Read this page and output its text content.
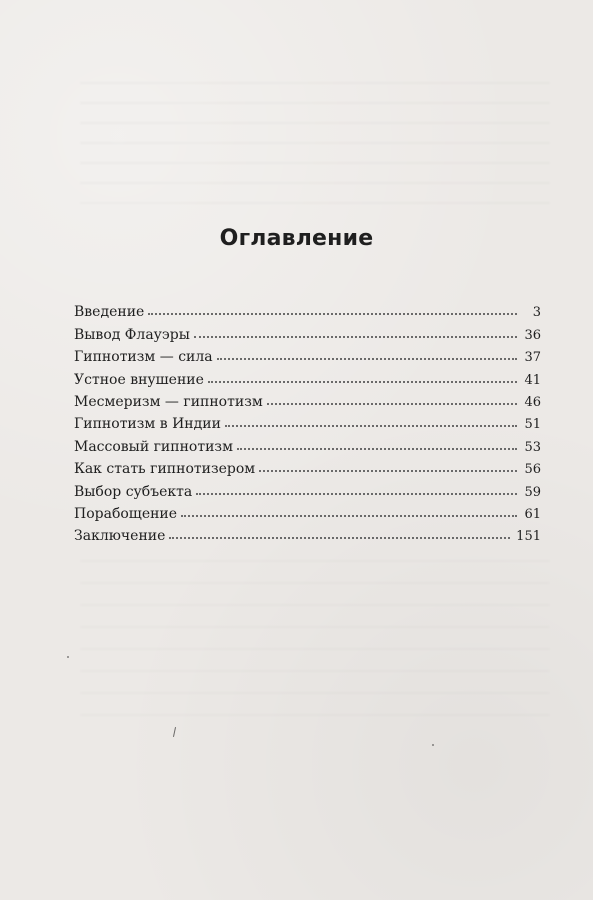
Оглавление
Введение	3
Вывод Флауэры	36
Гипнотизм — сила	37
Устное внушение	41
Месмеризм — гипнотизм	46
Гипнотизм в Индии	51
Массовый гипнотизм	53
Как стать гипнотизером	56
Выбор субъекта	59
Порабощение	61
Заключение	151
